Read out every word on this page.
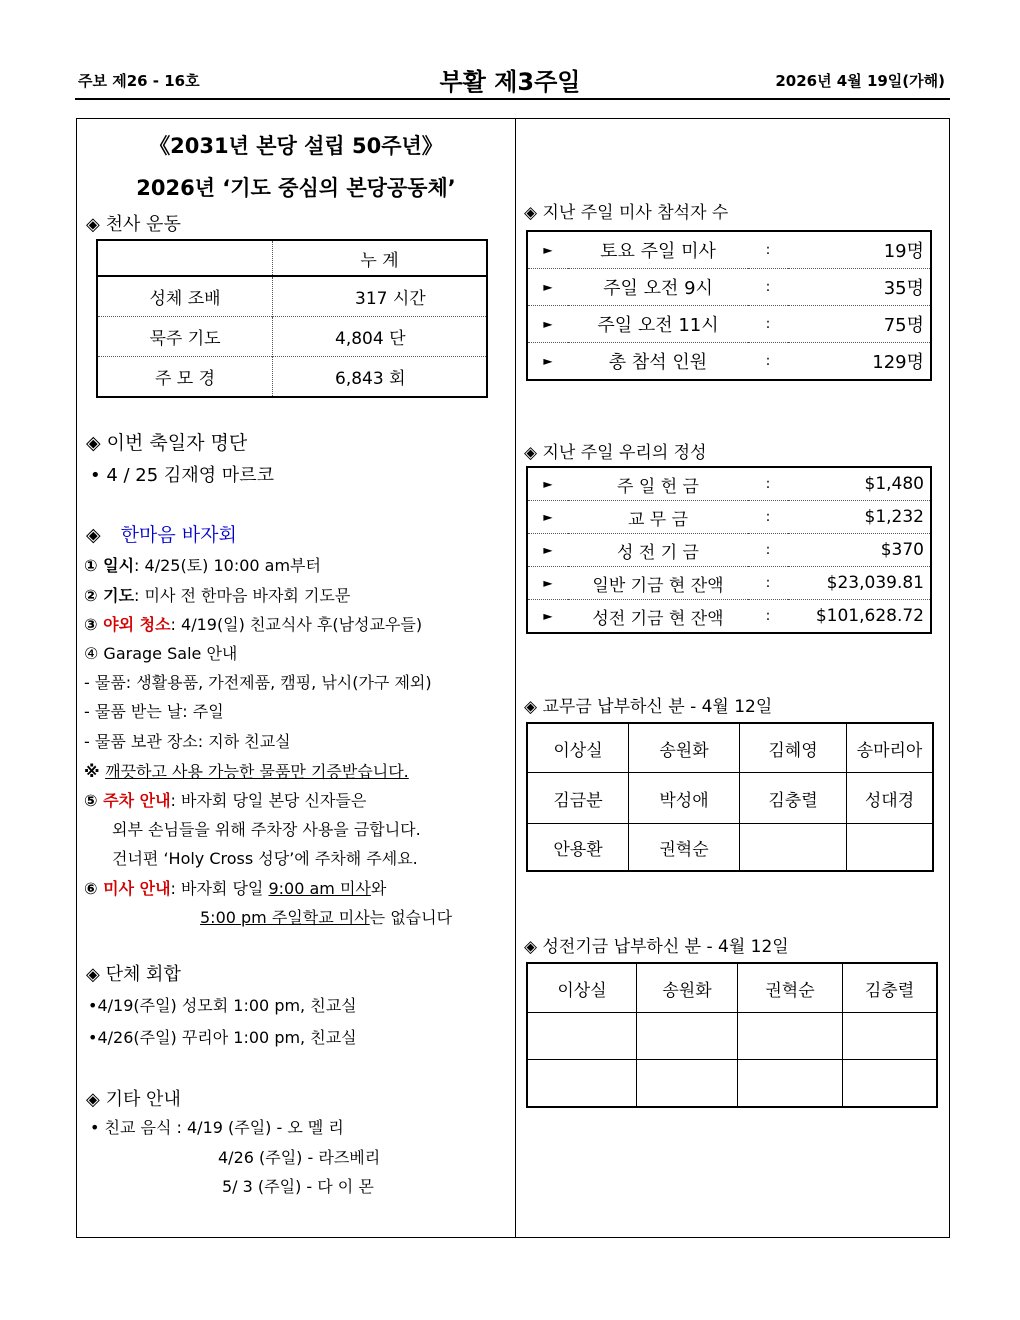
주보 제26 - 16호	부활 제3주일	2026년 4월 19일(가해)
《2031년 본당 설립 50주년》
2026년 ‘기도 중심의 본당공동체’
◈ 천사 운동
	누 계
성체 조배	317 시간
묵주 기도	4,804 단
주 모 경	6,843 회
◈ 이번 축일자 명단
• 4 / 25 김재영 마르코
◈ 한마음 바자회
① 일시: 4/25(토) 10:00 am부터
② 기도: 미사 전 한마음 바자회 기도문
③ 야외 청소: 4/19(일) 친교식사 후(남성교우들)
④ Garage Sale 안내
- 물품: 생활용품, 가전제품, 캠핑, 낚시(가구 제외)
- 물품 받는 날: 주일
- 물품 보관 장소: 지하 친교실
※ 깨끗하고 사용 가능한 물품만 기증받습니다.
⑤ 주차 안내: 바자회 당일 본당 신자들은
외부 손님들을 위해 주차장 사용을 금합니다.
건너편 ‘Holy Cross 성당’에 주차해 주세요.
⑥ 미사 안내: 바자회 당일 9:00 am 미사와
5:00 pm 주일학교 미사는 없습니다
◈ 단체 회합
•4/19(주일) 성모회 1:00 pm, 친교실
•4/26(주일) 꾸리아 1:00 pm, 친교실
◈ 기타 안내
• 친교 음식 : 4/19 (주일) - 오 멜 리
4/26 (주일) - 라즈베리
5/ 3 (주일) - 다 이 몬
◈ 지난 주일 미사 참석자 수
►	토요 주일 미사	:	19명
►	주일 오전 9시	:	35명
►	주일 오전 11시	:	75명
►	총 참석 인원	:	129명
◈ 지난 주일 우리의 정성
►	주 일 헌 금	:	$1,480
►	교 무 금	:	$1,232
►	성 전 기 금	:	$370
►	일반 기금 현 잔액	:	$23,039.81
►	성전 기금 현 잔액	:	$101,628.72
◈ 교무금 납부하신 분 - 4월 12일
이상실	송원화	김혜영	송마리아
김금분	박성애	김충렬	성대경
안용환	권혁순		
◈ 성전기금 납부하신 분 - 4월 12일
이상실	송원화	권혁순	김충렬
